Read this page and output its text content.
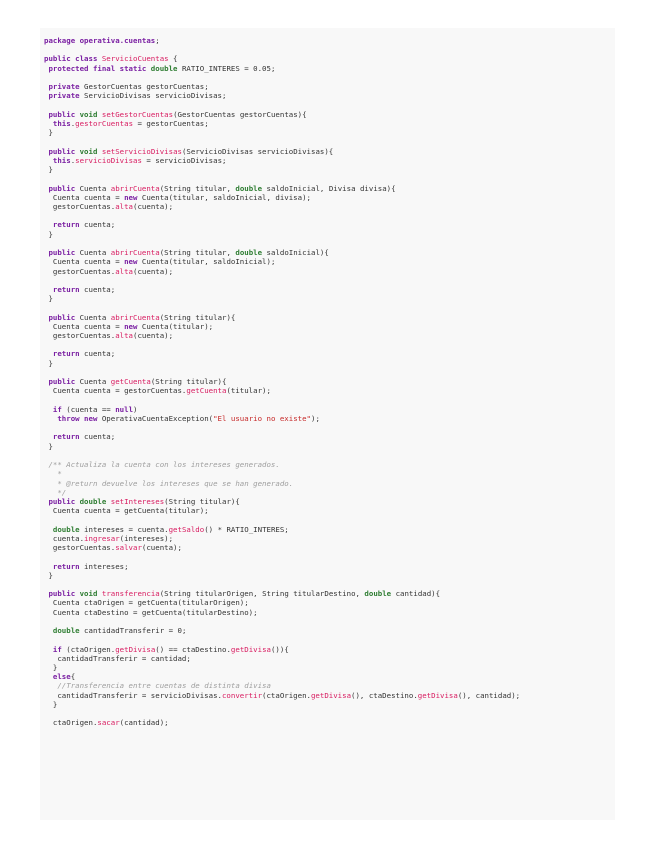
package operativa.cuentas;
public class ServicioCuentas {
protected final static double RATIO_INTERES = 0.05;
private GestorCuentas gestorCuentas;
private ServicioDivisas servicioDivisas;
public void setGestorCuentas(GestorCuentas gestorCuentas){
this.gestorCuentas = gestorCuentas;
}
public void setServicioDivisas(ServicioDivisas servicioDivisas){
this.servicioDivisas = servicioDivisas;
}
public Cuenta abrirCuenta(String titular, double saldoInicial, Divisa divisa){
Cuenta cuenta = new Cuenta(titular, saldoInicial, divisa);
gestorCuentas.alta(cuenta);
return cuenta;
}
public Cuenta abrirCuenta(String titular, double saldoInicial){
Cuenta cuenta = new Cuenta(titular, saldoInicial);
gestorCuentas.alta(cuenta);
return cuenta;
}
public Cuenta abrirCuenta(String titular){
Cuenta cuenta = new Cuenta(titular);
gestorCuentas.alta(cuenta);
return cuenta;
}
public Cuenta getCuenta(String titular){
Cuenta cuenta = gestorCuentas.getCuenta(titular);
if (cuenta == null)
throw new OperativaCuentaException("El usuario no existe");
return cuenta;
}
/** Actualiza la cuenta con los intereses generados.
*
* @return devuelve los intereses que se han generado.
*/
public double setIntereses(String titular){
Cuenta cuenta = getCuenta(titular);
double intereses = cuenta.getSaldo() * RATIO_INTERES;
cuenta.ingresar(intereses);
gestorCuentas.salvar(cuenta);
return intereses;
}
public void transferencia(String titularOrigen, String titularDestino, double cantidad){
Cuenta ctaOrigen = getCuenta(titularOrigen);
Cuenta ctaDestino = getCuenta(titularDestino);
double cantidadTransferir = 0;
if (ctaOrigen.getDivisa() == ctaDestino.getDivisa()){
cantidadTransferir = cantidad;
}
else{
//Transferencia entre cuentas de distinta divisa
cantidadTransferir = servicioDivisas.convertir(ctaOrigen.getDivisa(), ctaDestino.getDivisa(), cantidad);
}
ctaOrigen.sacar(cantidad);
